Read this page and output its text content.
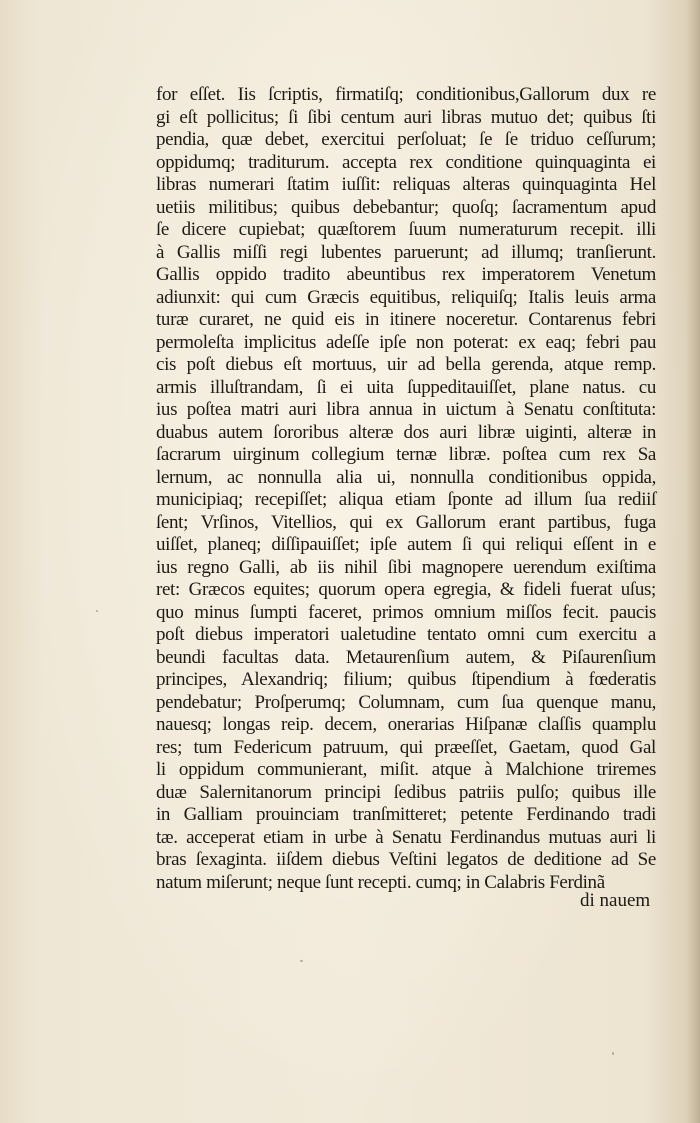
for eſſet. Iis ſcriptis, firmatiſq; conditionibus,Gallorum dux re
gi eſt pollicitus; ſi ſibi centum auri libras mutuo det; quibus ſti
pendia, quæ debet, exercitui perſoluat; ſe ſe triduo ceſſurum;
oppidumq; traditurum. accepta rex conditione quinquaginta ei
libras numerari ſtatim iuſſit: reliquas alteras quinquaginta Hel
uetiis militibus; quibus debebantur; quoſq; ſacramentum apud
ſe dicere cupiebat; quæſtorem ſuum numeraturum recepit. illi
à Gallis miſſi regi lubentes paruerunt; ad illumq; tranſierunt.
Gallis oppido tradito abeuntibus rex imperatorem Venetum
adiunxit: qui cum Græcis equitibus, reliquiſq; Italis leuis arma
turæ curaret, ne quid eis in itinere noceretur. Contarenus febri
permoleſta implicitus adeſſe ipſe non poterat: ex eaq; febri pau
cis poſt diebus eſt mortuus, uir ad bella gerenda, atque remp.
armis illuſtrandam, ſi ei uita ſuppeditauiſſet, plane natus. cu
ius poſtea matri auri libra annua in uictum à Senatu conſtituta:
duabus autem ſororibus alteræ dos auri libræ uiginti, alteræ in
ſacrarum uirginum collegium ternæ libræ. poſtea cum rex Sa
lernum, ac nonnulla alia ui, nonnulla conditionibus oppida,
municipiaq; recepiſſet; aliqua etiam ſponte ad illum ſua rediiſ
ſent; Vrſinos, Vitellios, qui ex Gallorum erant partibus, fuga
uiſſet, planeq; diſſipauiſſet; ipſe autem ſi qui reliqui eſſent in e
ius regno Galli, ab iis nihil ſibi magnopere uerendum exiſtima
ret: Græcos equites; quorum opera egregia, & fideli fuerat uſus;
quo minus ſumpti faceret, primos omnium miſſos fecit. paucis
poſt diebus imperatori ualetudine tentato omni cum exercitu a
beundi facultas data. Metaurenſium autem, & Piſaurenſium
principes, Alexandriq; filium; quibus ſtipendium à fœderatis
pendebatur; Proſperumq; Columnam, cum ſua quenque manu,
nauesq; longas reip. decem, onerarias Hiſpanæ claſſis quamplu
res; tum Federicum patruum, qui præeſſet, Gaetam, quod Gal
li oppidum communierant, miſit. atque à Malchione triremes
duæ Salernitanorum principi ſedibus patriis pulſo; quibus ille
in Galliam prouinciam tranſmitteret; petente Ferdinando tradi
tæ. acceperat etiam in urbe à Senatu Ferdinandus mutuas auri li
bras ſexaginta. iiſdem diebus Veſtini legatos de deditione ad Se
natum miſerunt; neque ſunt recepti. cumq; in Calabris Ferdinã
di nauem
